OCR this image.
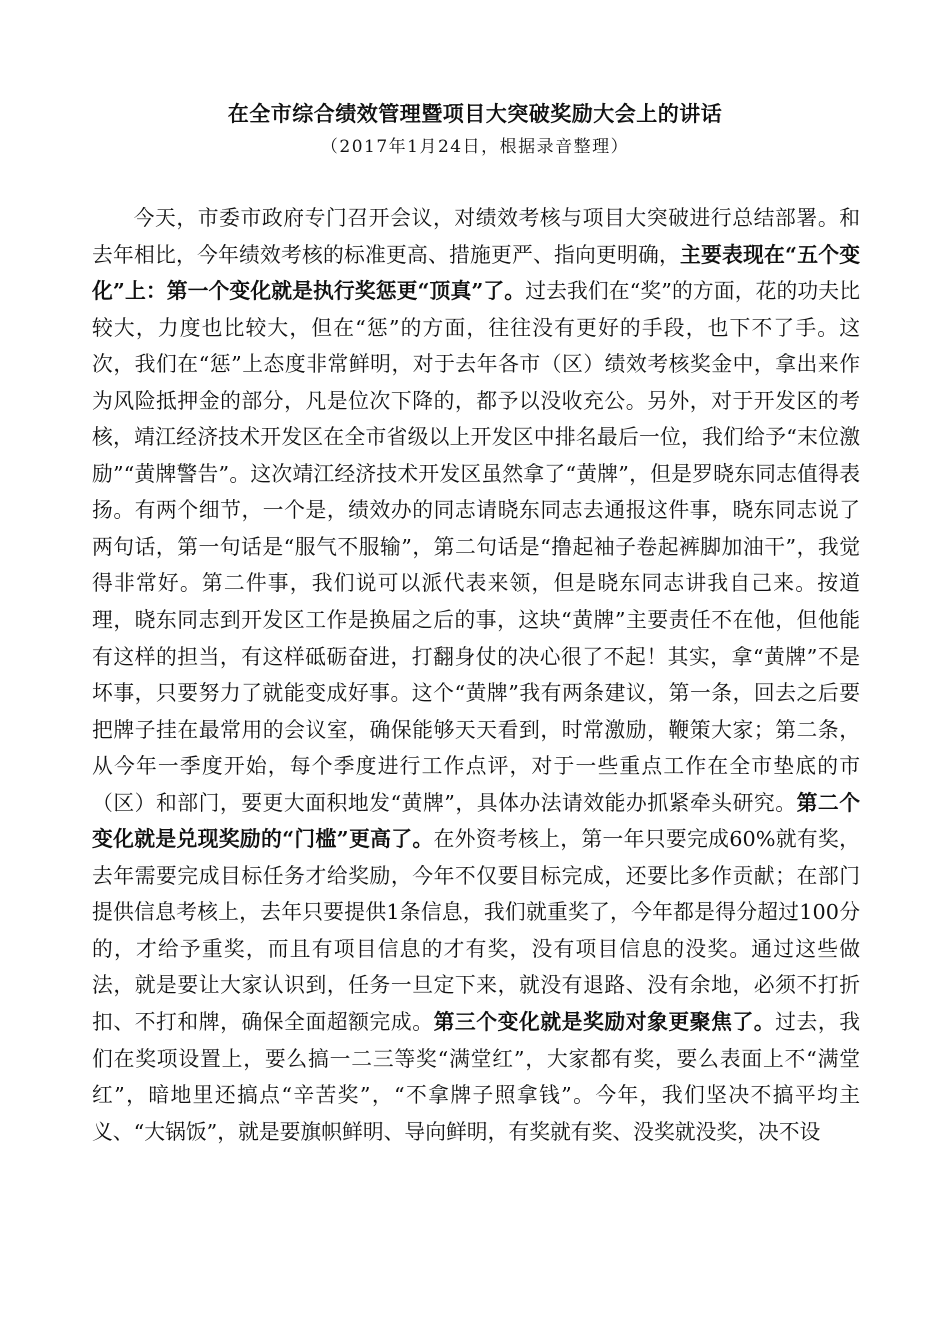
在全市综合绩效管理暨项目大突破奖励大会上的讲话
（2017年1月24日，根据录音整理）
今天，市委市政府专门召开会议，对绩效考核与项目大突破进行总结部署。和去年相比，今年绩效考核的标准更高、措施更严、指向更明确，主要表现在“五个变化”上：第一个变化就是执行奖惩更“顶真”了。过去我们在“奖”的方面，花的功夫比较大，力度也比较大，但在“惩”的方面，往往没有更好的手段，也下不了手。这次，我们在“惩”上态度非常鲜明，对于去年各市（区）绩效考核奖金中，拿出来作为风险抵押金的部分，凡是位次下降的，都予以没收充公。另外，对于开发区的考核，靖江经济技术开发区在全市省级以上开发区中排名最后一位，我们给予“末位激励”“黄牌警告”。这次靖江经济技术开发区虽然拿了“黄牌”，但是罗晓东同志值得表扬。有两个细节，一个是，绩效办的同志请晓东同志去通报这件事，晓东同志说了两句话，第一句话是“服气不服输”，第二句话是“撸起袖子卷起裤脚加油干”，我觉得非常好。第二件事，我们说可以派代表来领，但是晓东同志讲我自己来。按道理，晓东同志到开发区工作是换届之后的事，这块“黄牌”主要责任不在他，但他能有这样的担当，有这样砥砺奋进，打翻身仗的决心很了不起！其实，拿“黄牌”不是坏事，只要努力了就能变成好事。这个“黄牌”我有两条建议，第一条，回去之后要把牌子挂在最常用的会议室，确保能够天天看到，时常激励，鞭策大家；第二条，从今年一季度开始，每个季度进行工作点评，对于一些重点工作在全市垫底的市（区）和部门，要更大面积地发“黄牌”，具体办法请效能办抓紧牵头研究。第二个变化就是兑现奖励的“门槛”更高了。在外资考核上，第一年只要完成60%就有奖，去年需要完成目标任务才给奖励，今年不仅要目标完成，还要比多作贡献；在部门提供信息考核上，去年只要提供1条信息，我们就重奖了，今年都是得分超过100分的，才给予重奖，而且有项目信息的才有奖，没有项目信息的没奖。通过这些做法，就是要让大家认识到，任务一旦定下来，就没有退路、没有余地，必须不打折扣、不打和牌，确保全面超额完成。第三个变化就是奖励对象更聚焦了。过去，我们在奖项设置上，要么搞一二三等奖“满堂红”，大家都有奖，要么表面上不“满堂红”，暗地里还搞点“辛苦奖”，“不拿牌子照拿钱”。今年，我们坚决不搞平均主义、“大锅饭”，就是要旗帜鲜明、导向鲜明，有奖就有奖、没奖就没奖，决不设
